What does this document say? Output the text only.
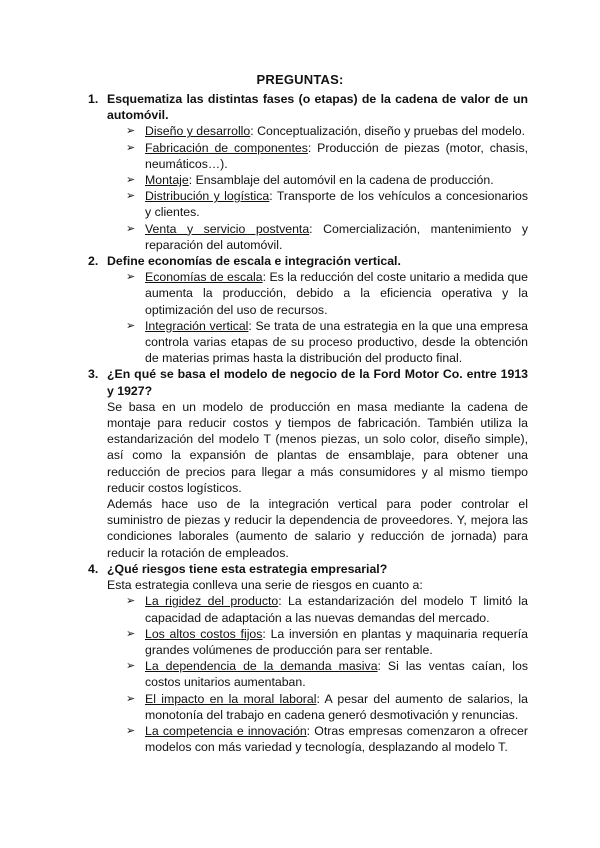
PREGUNTAS:
1. Esquematiza las distintas fases (o etapas) de la cadena de valor de un automóvil.
➢ Diseño y desarrollo: Conceptualización, diseño y pruebas del modelo.
➢ Fabricación de componentes: Producción de piezas (motor, chasis, neumáticos…).
➢ Montaje: Ensamblaje del automóvil en la cadena de producción.
➢ Distribución y logística: Transporte de los vehículos a concesionarios y clientes.
➢ Venta y servicio postventa: Comercialización, mantenimiento y reparación del automóvil.
2. Define economías de escala e integración vertical.
➢ Economías de escala: Es la reducción del coste unitario a medida que aumenta la producción, debido a la eficiencia operativa y la optimización del uso de recursos.
➢ Integración vertical: Se trata de una estrategia en la que una empresa controla varias etapas de su proceso productivo, desde la obtención de materias primas hasta la distribución del producto final.
3. ¿En qué se basa el modelo de negocio de la Ford Motor Co. entre 1913 y 1927?
Se basa en un modelo de producción en masa mediante la cadena de montaje para reducir costos y tiempos de fabricación. También utiliza la estandarización del modelo T (menos piezas, un solo color, diseño simple), así como la expansión de plantas de ensamblaje, para obtener una reducción de precios para llegar a más consumidores y al mismo tiempo reducir costos logísticos.
Además hace uso de la integración vertical para poder controlar el suministro de piezas y reducir la dependencia de proveedores. Y, mejora las condiciones laborales (aumento de salario y reducción de jornada) para reducir la rotación de empleados.
4. ¿Qué riesgos tiene esta estrategia empresarial?
Esta estrategia conlleva una serie de riesgos en cuanto a:
➢ La rigidez del producto: La estandarización del modelo T limitó la capacidad de adaptación a las nuevas demandas del mercado.
➢ Los altos costos fijos: La inversión en plantas y maquinaria requería grandes volúmenes de producción para ser rentable.
➢ La dependencia de la demanda masiva: Si las ventas caían, los costos unitarios aumentaban.
➢ El impacto en la moral laboral: A pesar del aumento de salarios, la monotonía del trabajo en cadena generó desmotivación y renuncias.
➢ La competencia e innovación: Otras empresas comenzaron a ofrecer modelos con más variedad y tecnología, desplazando al modelo T.
